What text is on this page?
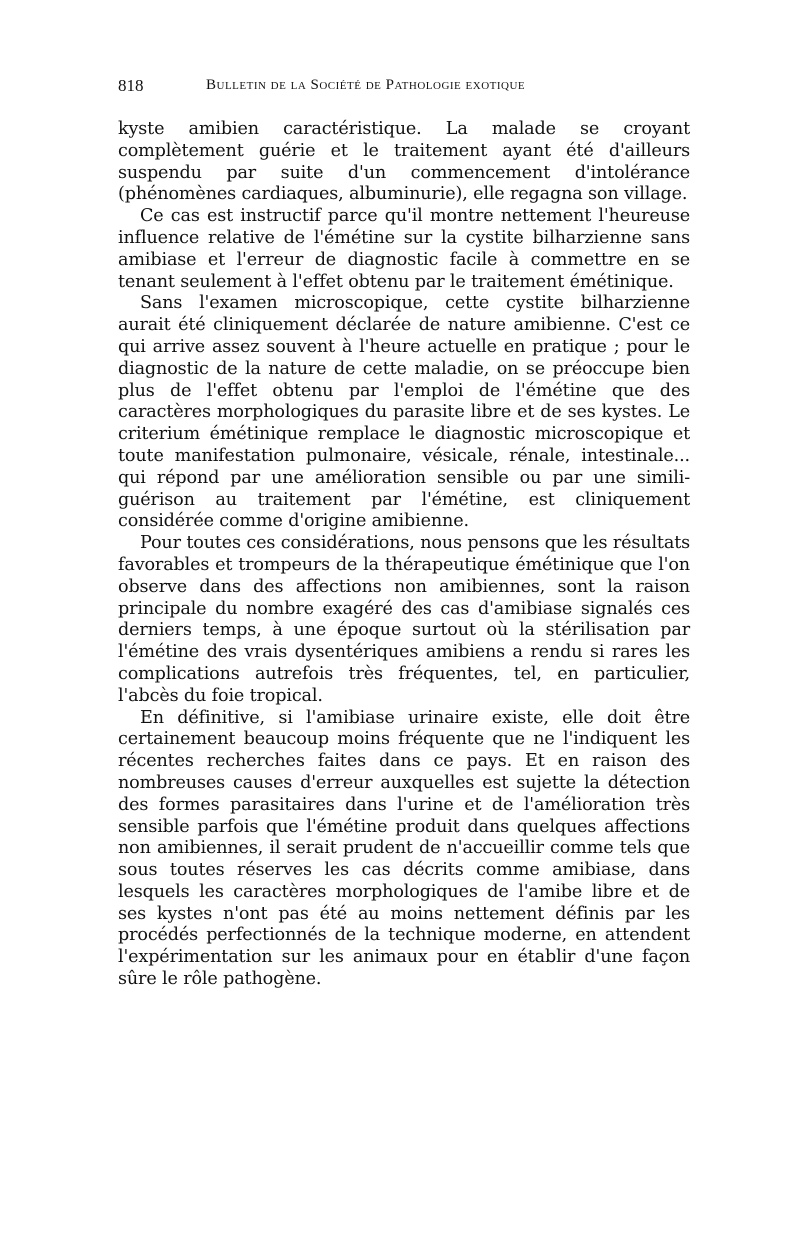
818	Bulletin de la Société de Pathologie exotique

kyste amibien caractéristique. La malade se croyant complètement guérie et le traitement ayant été d'ailleurs suspendu par suite d'un commencement d'intolérance (phénomènes cardiaques, albuminurie), elle regagna son village.

Ce cas est instructif parce qu'il montre nettement l'heureuse influence relative de l'émétine sur la cystite bilharzienne sans amibiase et l'erreur de diagnostic facile à commettre en se tenant seulement à l'effet obtenu par le traitement émétinique.

Sans l'examen microscopique, cette cystite bilharzienne aurait été cliniquement déclarée de nature amibienne. C'est ce qui arrive assez souvent à l'heure actuelle en pratique ; pour le diagnostic de la nature de cette maladie, on se préoccupe bien plus de l'effet obtenu par l'emploi de l'émétine que des caractères morphologiques du parasite libre et de ses kystes. Le criterium émétinique remplace le diagnostic microscopique et toute manifestation pulmonaire, vésicale, rénale, intestinale... qui répond par une amélioration sensible ou par une simili-guérison au traitement par l'émétine, est cliniquement considérée comme d'origine amibienne.

Pour toutes ces considérations, nous pensons que les résultats favorables et trompeurs de la thérapeutique émétinique que l'on observe dans des affections non amibiennes, sont la raison principale du nombre exagéré des cas d'amibiase signalés ces derniers temps, à une époque surtout où la stérilisation par l'émétine des vrais dysentériques amibiens a rendu si rares les complications autrefois très fréquentes, tel, en particulier, l'abcès du foie tropical.

En définitive, si l'amibiase urinaire existe, elle doit être certainement beaucoup moins fréquente que ne l'indiquent les récentes recherches faites dans ce pays. Et en raison des nombreuses causes d'erreur auxquelles est sujette la détection des formes parasitaires dans l'urine et de l'amélioration très sensible parfois que l'émétine produit dans quelques affections non amibiennes, il serait prudent de n'accueillir comme tels que sous toutes réserves les cas décrits comme amibiase, dans lesquels les caractères morphologiques de l'amibe libre et de ses kystes n'ont pas été au moins nettement définis par les procédés perfectionnés de la technique moderne, en attendent l'expérimentation sur les animaux pour en établir d'une façon sûre le rôle pathogène.
